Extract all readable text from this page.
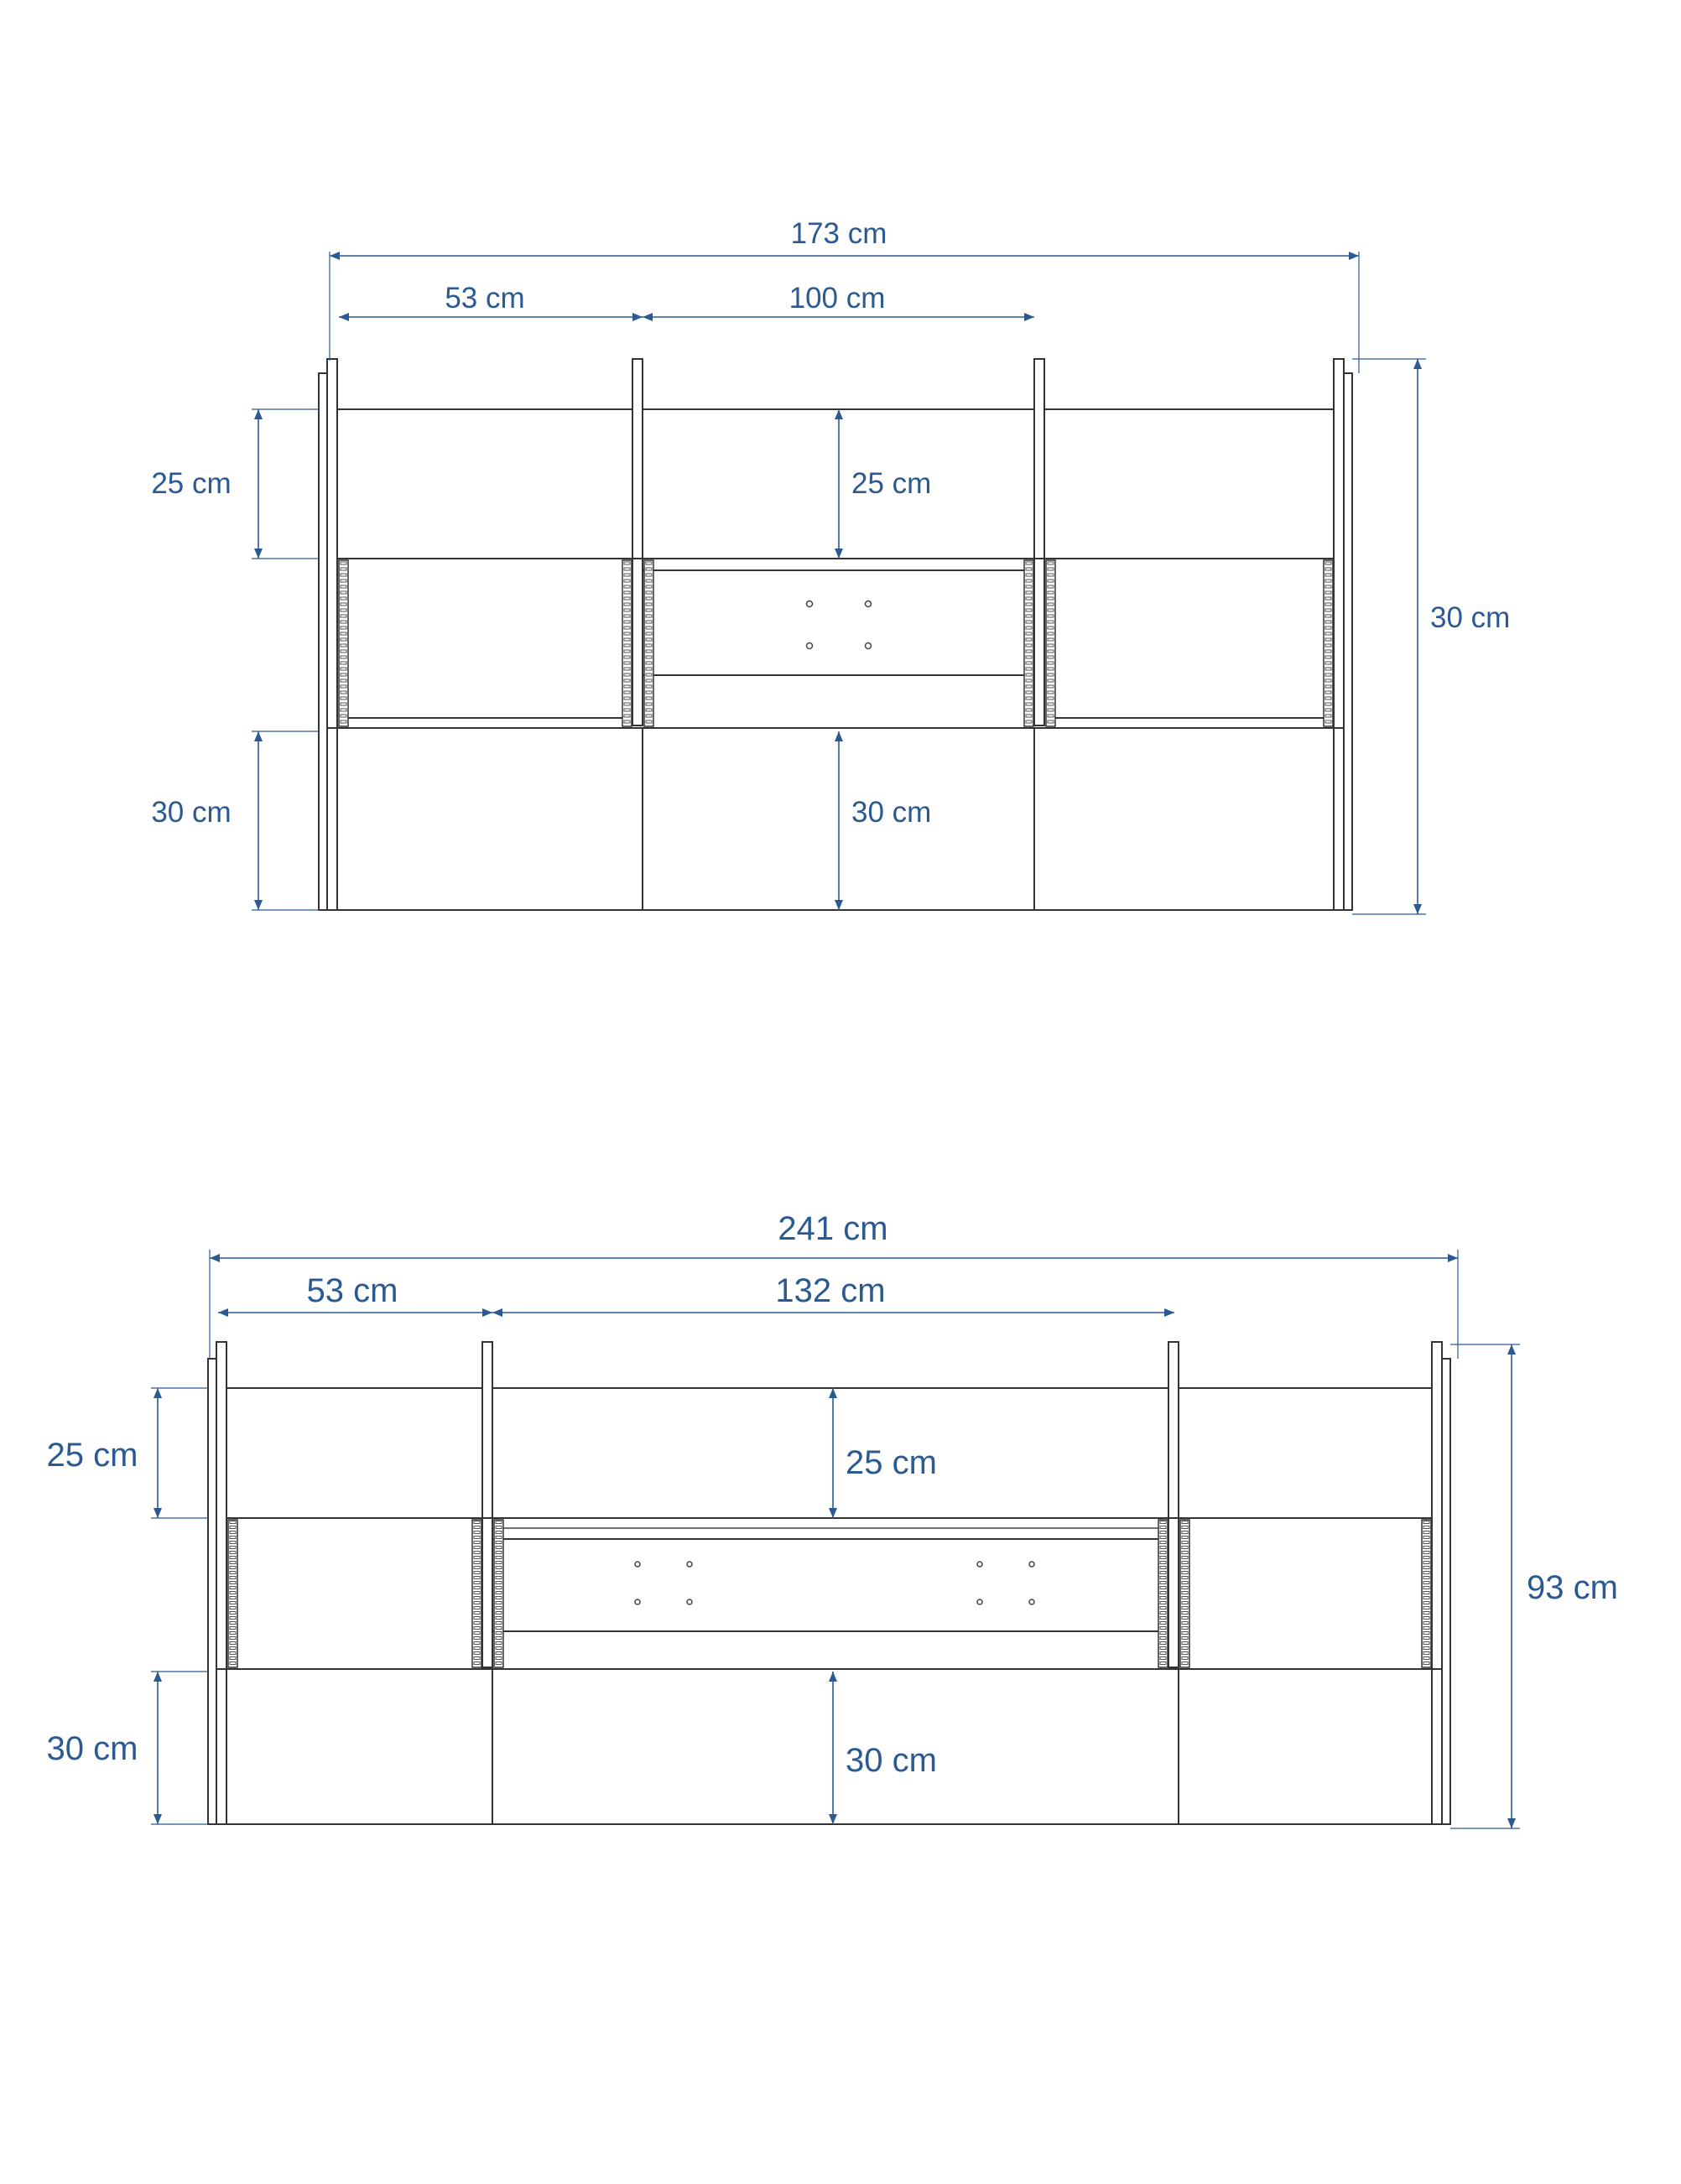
173 cm
53 cm	100 cm
25 cm
30 cm
25 cm
30 cm
30 cm
241 cm
53 cm	132 cm
25 cm
30 cm
25 cm
30 cm
93 cm
